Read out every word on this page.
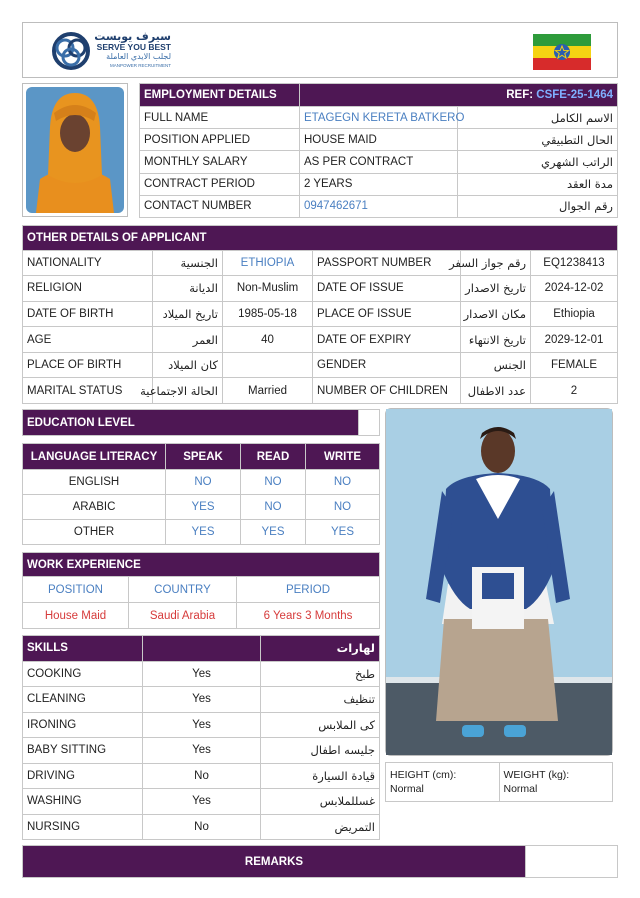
سيرف يوبست
SERVE YOU BEST
لجلب الايدي العاملة
MANPOWER RECRUITMENT
EMPLOYMENT DETAILS	REF: CSFE-25-1464	
FULL NAME	ETAGEGN KERETA BATKERO	الاسم الكامل
POSITION APPLIED	HOUSE MAID	الحال التطبيقي
MONTHLY SALARY	AS PER CONTRACT	الراتب الشهري
CONTRACT PERIOD	2 YEARS	مدة العقد
CONTACT NUMBER	0947462671	رقم الجوال
OTHER DETAILS OF APPLICANT					
NATIONALITY	الجنسية	ETHIOPIA	PASSPORT NUMBER	رقم جواز السفر	EQ1238413
RELIGION	الديانة	Non-Muslim	DATE OF ISSUE	تاريخ الاصدار	2024-12-02
DATE OF BIRTH	تاريخ الميلاد	1985-05-18	PLACE OF ISSUE	مكان الاصدار	Ethiopia
AGE	العمر	40	DATE OF EXPIRY	تاريخ الانتهاء	2029-12-01
PLACE OF BIRTH	كان الميلاد		GENDER	الجنس	FEMALE
MARITAL STATUS	الحالة الاجتماعية	Married	NUMBER OF CHILDREN	عدد الاطفال	2
EDUCATION LEVEL	
LANGUAGE LITERACY	SPEAK	READ	WRITE
ENGLISH	NO	NO	NO
ARABIC	YES	NO	NO
OTHER	YES	YES	YES
WORK EXPERIENCE		
POSITION	COUNTRY	PERIOD
House Maid	Saudi Arabia	6 Years 3 Months
SKILLS		لهارات
COOKING	Yes	طبخ
CLEANING	Yes	تنظيف
IRONING	Yes	كى الملابس
BABY SITTING	Yes	جليسه اطفال
DRIVING	No	قيادة السيارة
WASHING	Yes	غسللملابس
NURSING	No	التمريض
HEIGHT (cm):
Normal

WEIGHT (kg):
Normal
REMARKS	
